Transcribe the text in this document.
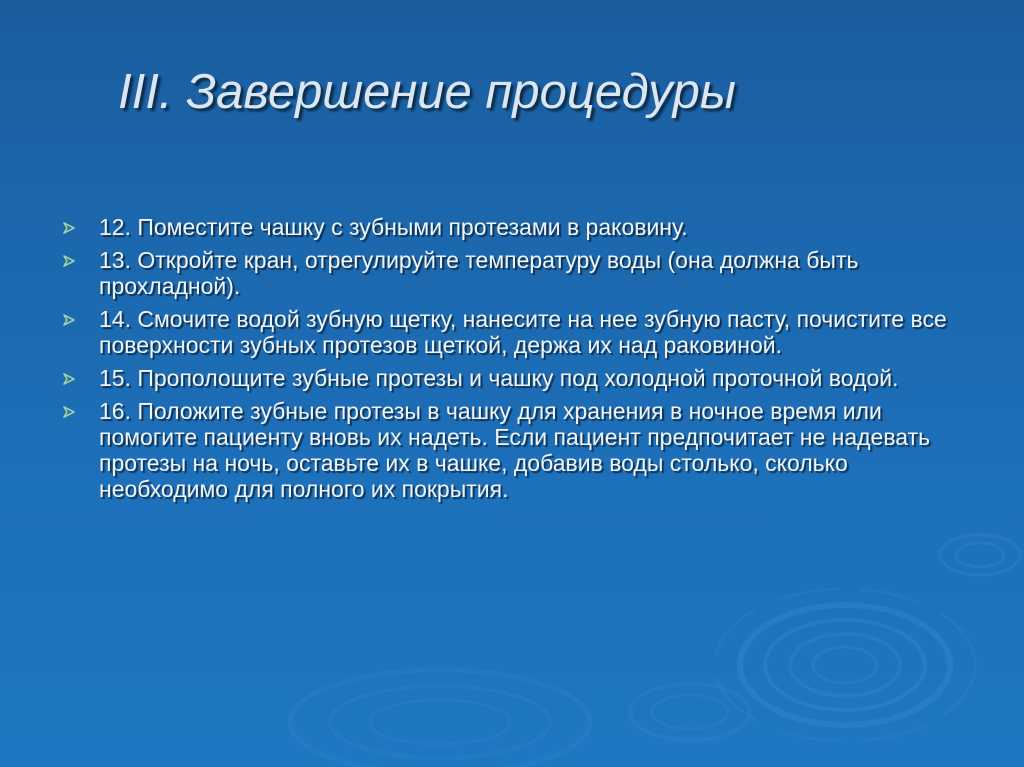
III. Завершение процедуры
12. Поместите чашку с зубными протезами в раковину.
13. Откройте кран, отрегулируйте температуру воды (она должна быть прохладной).
14. Смочите водой зубную щетку, нанесите на нее зубную пасту, почистите все поверхности зубных протезов щеткой, держа их над раковиной.
15. Прополощите зубные протезы и чашку под холодной проточной водой.
16. Положите зубные протезы в чашку для хранения в ночное время или помогите пациенту вновь их надеть. Если пациент предпочитает не надевать протезы на ночь, оставьте их в чашке, добавив воды столько, сколько необходимо для полного их покрытия.
